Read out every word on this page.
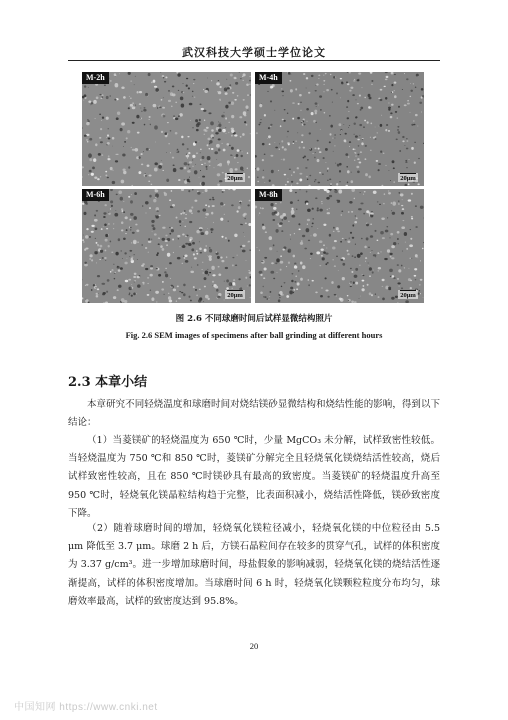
武汉科技大学硕士学位论文
M-2h
20μm
M-4h
20μm
M-6h
20μm
M-8h
20μm
图 2.6 不同球磨时间后试样显微结构照片
Fig. 2.6 SEM images of specimens after ball grinding at different hours
2.3 本章小结

本章研究不同轻烧温度和球磨时间对烧结镁砂显微结构和烧结性能的影响，得到以下结论：

（1）当菱镁矿的轻烧温度为 650 ℃时，少量 MgCO₃ 未分解，试样致密性较低。当轻烧温度为 750 ℃和 850 ℃时，菱镁矿分解完全且轻烧氧化镁烧结活性较高，烧后试样致密性较高，且在 850 ℃时镁砂具有最高的致密度。当菱镁矿的轻烧温度升高至 950 ℃时，轻烧氧化镁晶粒结构趋于完整，比表面积减小，烧结活性降低，镁砂致密度下降。

（2）随着球磨时间的增加，轻烧氧化镁粒径减小，轻烧氧化镁的中位粒径由 5.5 μm 降低至 3.7 μm。球磨 2 h 后，方镁石晶粒间存在较多的贯穿气孔，试样的体积密度为 3.37 g/cm³。进一步增加球磨时间，母盐假象的影响减弱，轻烧氧化镁的烧结活性逐渐提高，试样的体积密度增加。当球磨时间 6 h 时，轻烧氧化镁颗粒粒度分布均匀，球磨效率最高，试样的致密度达到 95.8%。

20
中国知网 https://www.cnki.net
